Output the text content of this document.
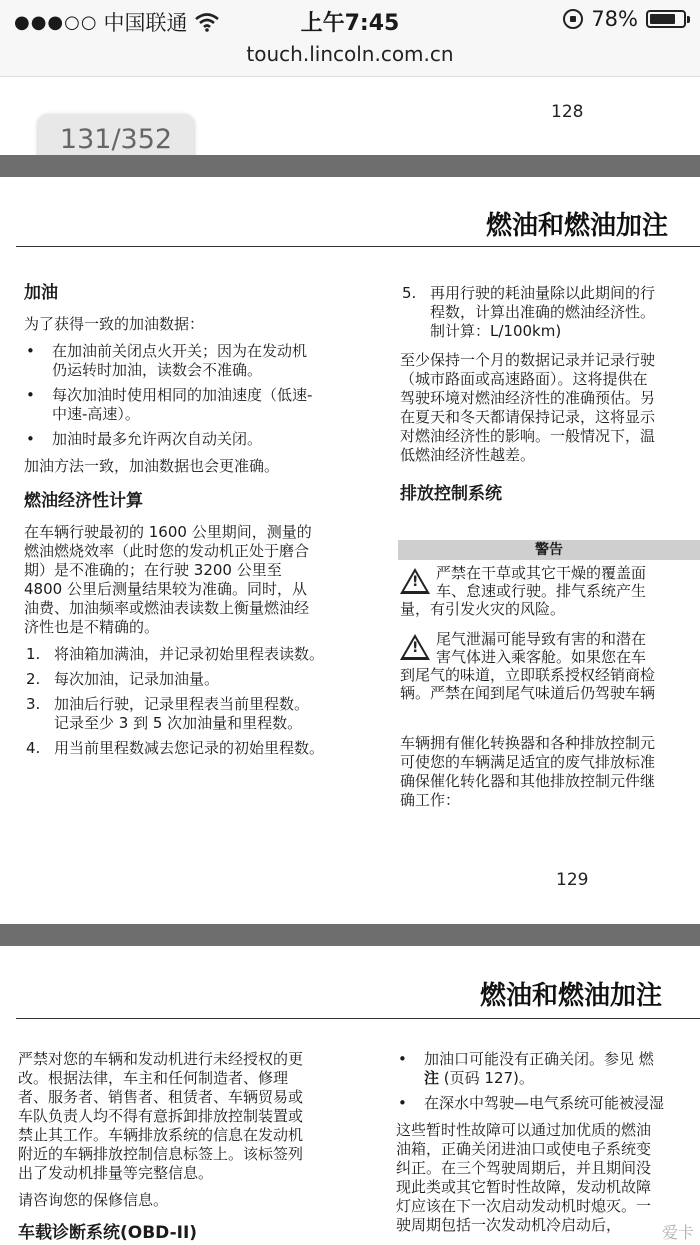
●●●○○ 中国联通	上午7:45	78%
touch.lincoln.com.cn
128
131/352
燃油和燃油加注

加油

为了获得一致的加油数据：

• 在加油前关闭点火开关；因为在发动机

仍运转时加油，读数会不准确。

• 每次加油时使用相同的加油速度（低速-

中速-高速）。

• 加油时最多允许两次自动关闭。

加油方法一致，加油数据也会更准确。

燃油经济性计算

在车辆行驶最初的 1600 公里期间，测量的

燃油燃烧效率（此时您的发动机正处于磨合

期）是不准确的；在行驶 3200 公里至

4800 公里后测量结果较为准确。同时，从

油费、加油频率或燃油表读数上衡量燃油经

济性也是不精确的。

1. 将油箱加满油，并记录初始里程表读数。

2. 每次加油，记录加油量。

3. 加油后行驶，记录里程表当前里程数。

记录至少 3 到 5 次加油量和里程数。

4. 用当前里程数减去您记录的初始里程数。

5. 再用行驶的耗油量除以此期间的行

程数，计算出准确的燃油经济性。

制计算：L/100km)

至少保持一个月的数据记录并记录行驶

（城市路面或高速路面）。这将提供在

驾驶环境对燃油经济性的准确预估。另

在夏天和冬天都请保持记录，这将显示

对燃油经济性的影响。一般情况下，温

低燃油经济性越差。

排放控制系统

警告
!

严禁在干草或其它干燥的覆盖面

车、怠速或行驶。排气系统产生

量，有引发火灾的风险。

!

尾气泄漏可能导致有害的和潜在

害气体进入乘客舱。如果您在车

到尾气的味道，立即联系授权经销商检

辆。严禁在闻到尾气味道后仍驾驶车辆

车辆拥有催化转换器和各种排放控制元

可使您的车辆满足适宜的废气排放标准

确保催化转化器和其他排放控制元件继

确工作：

129
燃油和燃油加注

严禁对您的车辆和发动机进行未经授权的更

改。根据法律，车主和任何制造者、修理

者、服务者、销售者、租赁者、车辆贸易或

车队负责人均不得有意拆卸排放控制装置或

禁止其工作。车辆排放系统的信息在发动机

附近的车辆排放控制信息标签上。该标签列

出了发动机排量等完整信息。

请咨询您的保修信息。

车载诊断系统(OBD-II)

• 加油口可能没有正确关闭。参见 燃

注 (页码 127)。

• 在深水中驾驶—电气系统可能被浸湿

这些暂时性故障可以通过加优质的燃油

油箱，正确关闭进油口或使电子系统变

纠正。在三个驾驶周期后，并且期间没

现此类或其它暂时性故障，发动机故障

灯应该在下一次启动发动机时熄灭。一

驶周期包括一次发动机冷启动后，	爱卡
